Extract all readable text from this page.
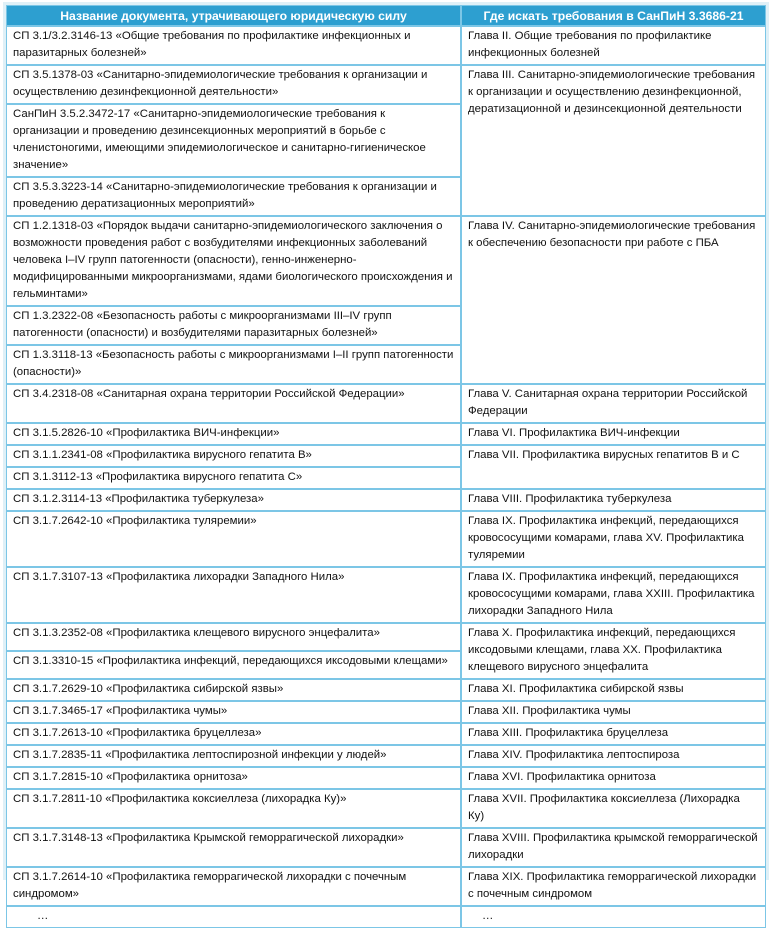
Название документа, утрачивающего юридическую силу	Где искать требования в СанПиН 3.3686-21
СП 3.1/3.2.3146-13 «Общие требования по профилактике инфекционных и паразитарных болезней»	Глава II. Общие требования по профилактике инфекционных болезней
СП 3.5.1378-03 «Санитарно-эпидемиологические требования к организации и осуществлению дезинфекционной деятельности»	Глава III. Санитарно-эпидемиологические требования к организации и осуществлению дезинфекционной, дератизационной и дезинсекционной деятельности
СанПиН 3.5.2.3472-17 «Санитарно-эпидемиологические требования к организации и проведению дезинсекционных мероприятий в борьбе с членистоногими, имеющими эпидемиологическое и санитарно-гигиеническое значение»	
СП 3.5.3.3223-14 «Санитарно-эпидемиологические требования к организации и проведению дератизационных мероприятий»	
СП 1.2.1318-03 «Порядок выдачи санитарно-эпидемиологического заключения о возможности проведения работ с возбудителями инфекционных заболеваний человека I–IV групп патогенности (опасности), генно-инженерно-модифицированными микроорганизмами, ядами биологического происхождения и гельминтами»	Глава IV. Санитарно-эпидемиологические требования к обеспечению безопасности при работе с ПБА
СП 1.3.2322-08 «Безопасность работы с микроорганизмами III–IV групп патогенности (опасности) и возбудителями паразитарных болезней»	
СП 1.3.3118-13 «Безопасность работы с микроорганизмами I–II групп патогенности (опасности)»	
СП 3.4.2318-08 «Санитарная охрана территории Российской Федерации»	Глава V. Санитарная охрана территории Российской Федерации
СП 3.1.5.2826-10 «Профилактика ВИЧ-инфекции»	Глава VI. Профилактика ВИЧ-инфекции
СП 3.1.1.2341-08 «Профилактика вирусного гепатита В»	Глава VII. Профилактика вирусных гепатитов В и С
СП 3.1.3112-13 «Профилактика вирусного гепатита С»	
СП 3.1.2.3114-13 «Профилактика туберкулеза»	Глава VIII. Профилактика туберкулеза
СП 3.1.7.2642-10 «Профилактика туляремии»	Глава IX. Профилактика инфекций, передающихся кровососущими комарами, глава XV. Профилактика туляремии
СП 3.1.7.3107-13 «Профилактика лихорадки Западного Нила»	Глава IX. Профилактика инфекций, передающихся кровососущими комарами, глава XXIII. Профилактика лихорадки Западного Нила
СП 3.1.3.2352-08 «Профилактика клещевого вирусного энцефалита»	Глава X. Профилактика инфекций, передающихся иксодовыми клещами, глава XX. Профилактика клещевого вирусного энцефалита
СП 3.1.3310-15 «Профилактика инфекций, передающихся иксодовыми клещами»	
СП 3.1.7.2629-10 «Профилактика сибирской язвы»	Глава XI. Профилактика сибирской язвы
СП 3.1.7.3465-17 «Профилактика чумы»	Глава XII. Профилактика чумы
СП 3.1.7.2613-10 «Профилактика бруцеллеза»	Глава XIII. Профилактика бруцеллеза
СП 3.1.7.2835-11 «Профилактика лептоспирозной инфекции у людей»	Глава XIV. Профилактика лептоспироза
СП 3.1.7.2815-10 «Профилактика орнитоза»	Глава XVI. Профилактика орнитоза
СП 3.1.7.2811-10 «Профилактика коксиеллеза (лихорадка Ку)»	Глава XVII. Профилактика коксиеллеза (Лихорадка Ку)
СП 3.1.7.3148-13 «Профилактика Крымской геморрагической лихорадки»	Глава XVIII. Профилактика крымской геморрагической лихорадки
СП 3.1.7.2614-10 «Профилактика геморрагической лихорадки с почечным синдромом»	Глава XIX. Профилактика геморрагической лихорадки с почечным синдромом
…	…
